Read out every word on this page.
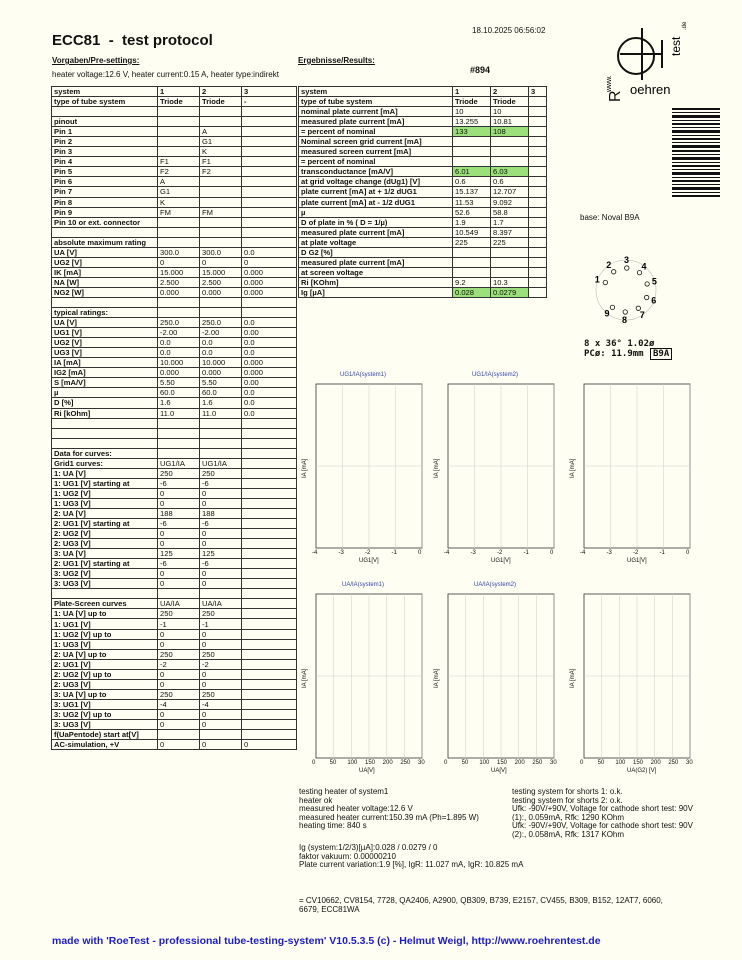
ECC81  -  test protocol
18.10.2025 06:56:02
Vorgaben/Pre-settings:
heater voltage:12.6 V, heater current:0.15 A, heater type:indirekt
Ergebnisse/Results:
#894
www.
R oehren
test
.de
system	1	2	3
type of tube system	Triode	Triode	-

pinout			
Pin 1		A	
Pin 2		G1	
Pin 3		K	
Pin 4	F1	F1	
Pin 5	F2	F2	
Pin 6	A		
Pin 7	G1		
Pin 8	K		
Pin 9	FM	FM	
Pin 10 or ext. connector			

absolute maximum rating			
UA [V]	300.0	300.0	0.0
UG2 [V]	0	0	0
IK [mA]	15.000	15.000	0.000
NA [W]	2.500	2.500	0.000
NG2 [W]	0.000	0.000	0.000

typical ratings:			
UA [V]	250.0	250.0	0.0
UG1 [V]	-2.00	-2.00	0.00
UG2 [V]	0.0	0.0	0.0
UG3 [V]	0.0	0.0	0.0
IA [mA]	10.000	10.000	0.000
IG2 [mA]	0.000	0.000	0.000
S [mA/V]	5.50	5.50	0.00
µ	60.0	60.0	0.0
D [%]	1.6	1.6	0.0
Ri [kOhm]	11.0	11.0	0.0

Data for curves:			
Grid1 curves:	UG1/IA	UG1/IA	
1: UA [V]	250	250	
1: UG1 [V] starting at	-6	-6	
1: UG2 [V]	0	0	
1: UG3 [V]	0	0	
2: UA [V]	188	188	
2: UG1 [V] starting at	-6	-6	
2: UG2 [V]	0	0	
2: UG3 [V]	0	0	
3: UA [V]	125	125	
2: UG1 [V] starting at	-6	-6	
3: UG2 [V]	0	0	
3: UG3 [V]	0	0	

Plate-Screen curves	UA/IA	UA/IA	
1: UA [V] up to	250	250	
1: UG1 [V]	-1	-1	
1: UG2 [V] up to	0	0	
1: UG3 [V]	0	0	
2: UA [V] up to	250	250	
2: UG1 [V]	-2	-2	
2: UG2 [V] up to	0	0	
2: UG3 [V]	0	0	
3: UA [V] up to	250	250	
3: UG1 [V]	-4	-4	
3: UG2 [V] up to	0	0	
3: UG3 [V]	0	0	
f(UaPentode) start at[V]			
AC-simulation, +V	0	0	0
system	1	2	3
type of tube system	Triode	Triode	
nominal plate current [mA]	10	10	
measured plate current [mA]	13.255	10.81	
= percent of nominal	133	108	
Nominal screen grid current [mA]			
measured screen current [mA]			
= percent of nominal			
transconductance [mA/V]	6.01	6.03	
at grid voltage change (dUg1) [V]	0.6	0.6	
plate current [mA] at + 1/2 dUG1	15.137	12.707	
plate current [mA] at - 1/2 dUG1	11.53	9.092	
µ	52.6	58.8	
D of plate in % ( D = 1/µ)	1.9	1.7	
measured plate current [mA]	10.549	8.397	
at plate voltage	225	225	
D G2 [%]			
measured plate current [mA]			
at screen voltage			
Ri [KOhm]	9.2	10.3	
Ig [µA]	0.028	0.0279	
base: Noval B9A
1
2
3
4
5
6
7
8
9
8 x 36° 1.02ø
PCø: 11.9mm	B9A
UG1/IA(system1)
IA [mA]
-4	-3	-2	-1	0
UG1[V]
UG1/IA(system2)
IA [mA]
-4	-3	-2	-1	0
UG1[V]
IA [mA]
-4	-3	-2	-1	0
UG1[V]
UA/IA(system1)
IA [mA]
0 50 100 150 200 250 30
UA[V]
UA/IA(system2)
IA [mA]
0 50 100 150 200 250 30
UA[V]
IA [mA]
0 50 100 150 200 250 30
UA(G2) [V]
testing heater of system1
heater ok
measured heater voltage:12.6 V
measured heater current:150.39 mA (Ph=1.895 W)
heating time: 840 s
testing system for shorts 1: o.k.
testing system for shorts 2: o.k.
Ufk: -90V/+90V, Voltage for cathode short test: 90V
(1):, 0.059mA, Rfk: 1290 KOhm
Ufk: -90V/+90V, Voltage for cathode short test: 90V
(2):, 0.058mA, Rfk: 1317 KOhm
Ig (system:1/2/3)[µA]:0.028 / 0.0279 / 0
faktor vakuum: 0.00000210
Plate current variation:1.9 [%], IgR: 11.027 mA, IgR: 10.825 mA
= CV10662, CV8154, 7728, QA2406, A2900, QB309, B739, E2157, CV455, B309, B152, 12AT7, 6060,
6679, ECC81WA
made with 'RoeTest - professional tube-testing-system' V10.5.3.5 (c) - Helmut Weigl, http://www.roehrentest.de
